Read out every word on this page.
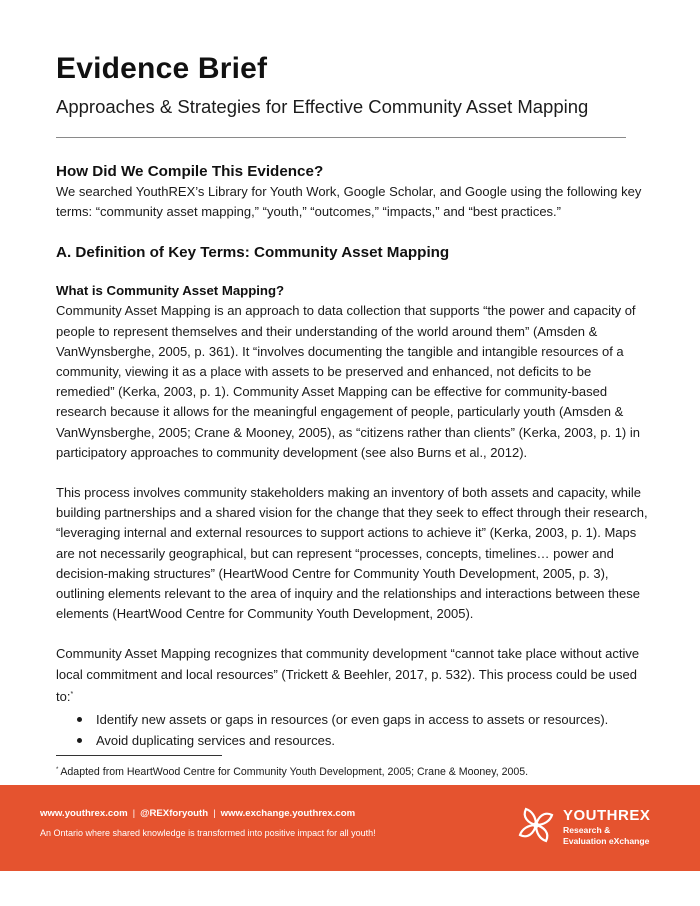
Evidence Brief
Approaches & Strategies for Effective Community Asset Mapping
How Did We Compile This Evidence?

We searched YouthREX’s Library for Youth Work, Google Scholar, and Google using the following key terms: “community asset mapping,” “youth,” “outcomes,” “impacts,” and “best practices.”

A. Definition of Key Terms: Community Asset Mapping
What is Community Asset Mapping?

Community Asset Mapping is an approach to data collection that supports “the power and capacity of people to represent themselves and their understanding of the world around them” (Amsden & VanWynsberghe, 2005, p. 361). It “involves documenting the tangible and intangible resources of a community, viewing it as a place with assets to be preserved and enhanced, not deficits to be remedied” (Kerka, 2003, p. 1). Community Asset Mapping can be effective for community-based research because it allows for the meaningful engagement of people, particularly youth (Amsden & VanWynsberghe, 2005; Crane & Mooney, 2005), as “citizens rather than clients” (Kerka, 2003, p. 1) in participatory approaches to community development (see also Burns et al., 2012).

This process involves community stakeholders making an inventory of both assets and capacity, while building partnerships and a shared vision for the change that they seek to effect through their research, “leveraging internal and external resources to support actions to achieve it” (Kerka, 2003, p. 1). Maps are not necessarily geographical, but can represent “processes, concepts, timelines… power and decision-making structures” (HeartWood Centre for Community Youth Development, 2005, p. 3), outlining elements relevant to the area of inquiry and the relationships and interactions between these elements (HeartWood Centre for Community Youth Development, 2005).

Community Asset Mapping recognizes that community development “cannot take place without active local commitment and local resources” (Trickett & Beehler, 2017, p. 532). This process could be used to:*

Identify new assets or gaps in resources (or even gaps in access to assets or resources).
Avoid duplicating services and resources.

* Adapted from HeartWood Centre for Community Youth Development, 2005; Crane & Mooney, 2005.

www.youthrex.com | @REXforyouth | www.exchange.youthrex.com
An Ontario where shared knowledge is transformed into positive impact for all youth!
YOUTHREX
Research &
Evaluation eXchange
